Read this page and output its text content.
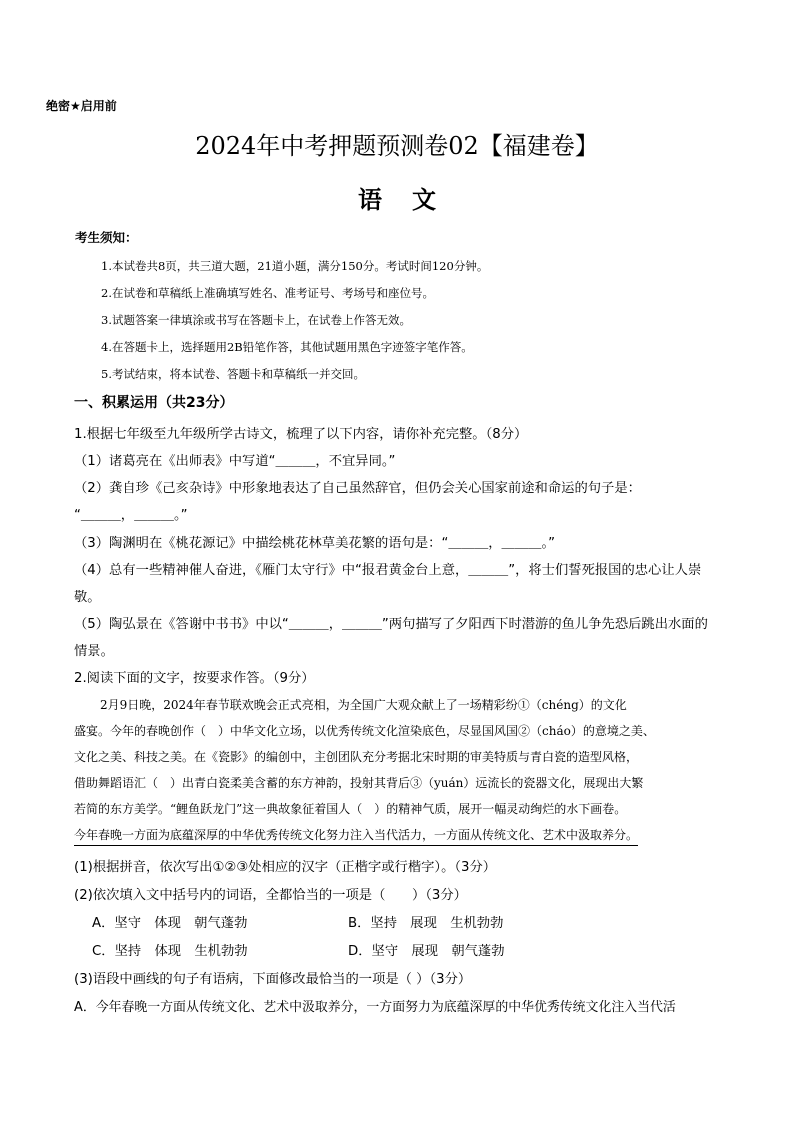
绝密★启用前
2024年中考押题预测卷02【福建卷】
语文
考生须知：
1.本试卷共8页，共三道大题，21道小题，满分150分。考试时间120分钟。
2.在试卷和草稿纸上准确填写姓名、准考证号、考场号和座位号。
3.试题答案一律填涂或书写在答题卡上，在试卷上作答无效。
4.在答题卡上，选择题用2B铅笔作答，其他试题用黑色字迹签字笔作答。
5.考试结束，将本试卷、答题卡和草稿纸一并交回。
一、积累运用（共23分）
1.根据七年级至九年级所学古诗文，梳理了以下内容，请你补充完整。（8分）
（1）诸葛亮在《出师表》中写道“＿＿＿，不宜异同。”
（2）龚自珍《己亥杂诗》中形象地表达了自己虽然辞官，但仍会关心国家前途和命运的句子是：
“＿＿＿，＿＿＿。”
（3）陶渊明在《桃花源记》中描绘桃花林草美花繁的语句是：“＿＿＿，＿＿＿。”
（4）总有一些精神催人奋进，《雁门太守行》中“报君黄金台上意，＿＿＿”，将士们誓死报国的忠心让人崇
敬。
（5）陶弘景在《答谢中书书》中以“＿＿＿，＿＿＿”两句描写了夕阳西下时潜游的鱼儿争先恐后跳出水面的
情景。
2.阅读下面的文字，按要求作答。（9分）
2月9日晚，2024年春节联欢晚会正式亮相，为全国广大观众献上了一场精彩纷①（chéng）的文化
盛宴。今年的春晚创作（　）中华文化立场，以优秀传统文化渲染底色，尽显国风国②（cháo）的意境之美、
文化之美、科技之美。在《瓷影》的编创中，主创团队充分考据北宋时期的审美特质与青白瓷的造型风格，
借助舞蹈语汇（　）出青白瓷柔美含蓄的东方神韵，投射其背后③（yuán）远流长的瓷器文化，展现出大繁
若简的东方美学。“鲤鱼跃龙门”这一典故象征着国人（　）的精神气质，展开一幅灵动绚烂的水下画卷。
今年春晚一方面为底蕴深厚的中华优秀传统文化努力注入当代活力，一方面从传统文化、艺术中汲取养分。
(1)根据拼音，依次写出①②③处相应的汉字（正楷字或行楷字）。（3分）
(2)依次填入文中括号内的词语，全都恰当的一项是（　　）（3分）
A．坚守　体现　朝气蓬勃	B．坚持　展现　生机勃勃
C．坚持　体现　生机勃勃	D．坚守　展现　朝气蓬勃
(3)语段中画线的句子有语病，下面修改最恰当的一项是（ ）（3分）
A．今年春晚一方面从传统文化、艺术中汲取养分，一方面努力为底蕴深厚的中华优秀传统文化注入当代活
